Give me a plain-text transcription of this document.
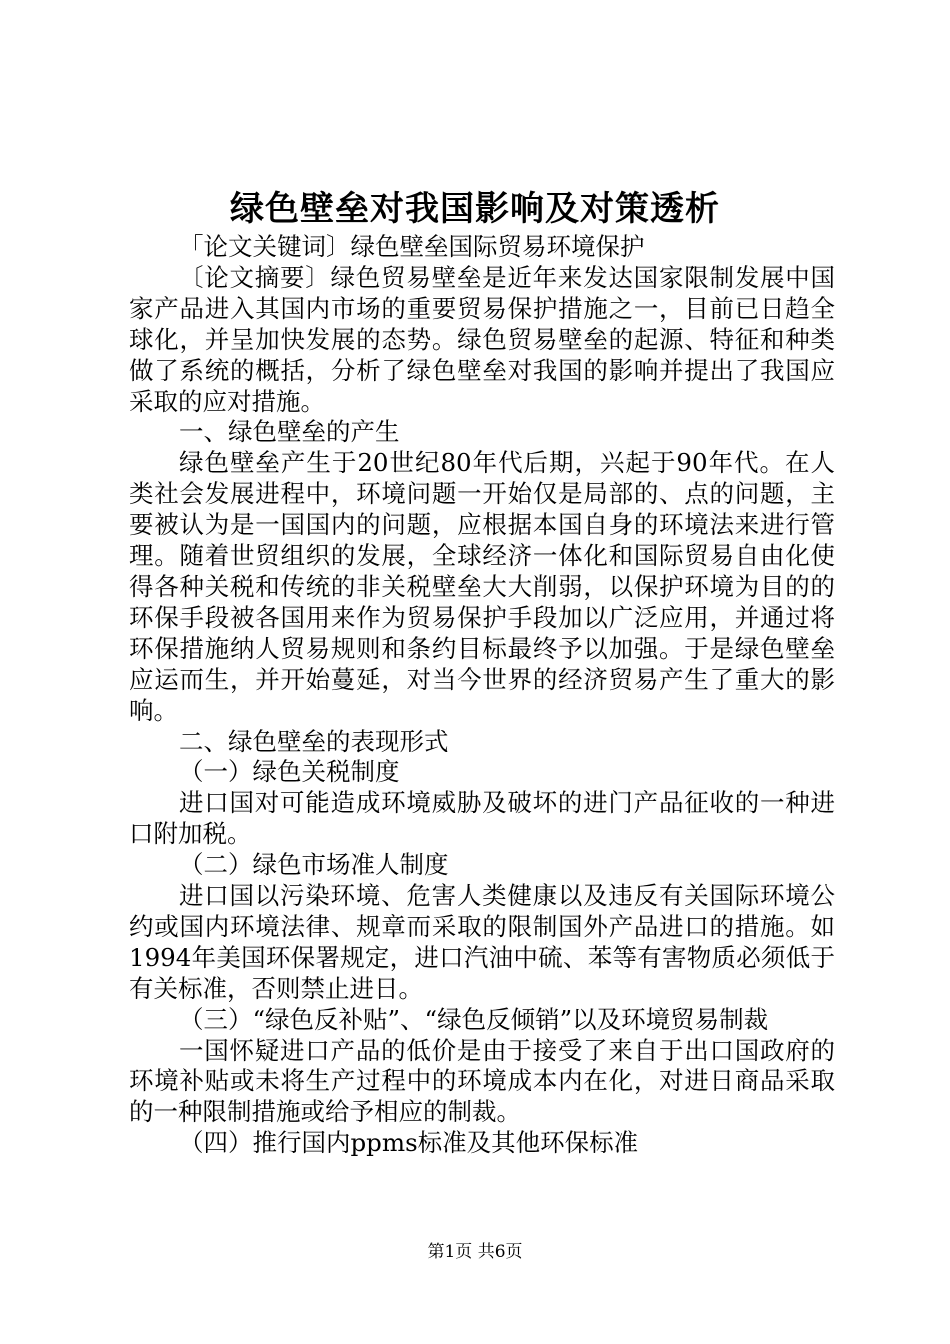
绿色壁垒对我国影响及对策透析

「论文关键词〕绿色壁垒国际贸易环境保护

〔论文摘要〕绿色贸易壁垒是近年来发达国家限制发展中国家产品进入其国内市场的重要贸易保护措施之一，目前已日趋全球化，并呈加快发展的态势。绿色贸易壁垒的起源、特征和种类做了系统的概括，分析了绿色壁垒对我国的影响并提出了我国应采取的应对措施。

一、绿色壁垒的产生

绿色壁垒产生于20世纪80年代后期，兴起于90年代。在人类社会发展进程中，环境问题一开始仅是局部的、点的问题，主要被认为是一国国内的问题，应根据本国自身的环境法来进行管理。随着世贸组织的发展，全球经济一体化和国际贸易自由化使得各种关税和传统的非关税壁垒大大削弱，以保护环境为目的的环保手段被各国用来作为贸易保护手段加以广泛应用，并通过将环保措施纳人贸易规则和条约目标最终予以加强。于是绿色壁垒应运而生，并开始蔓延，对当今世界的经济贸易产生了重大的影响。

二、绿色壁垒的表现形式

（一）绿色关税制度

进口国对可能造成环境威胁及破坏的进门产品征收的一种进口附加税。

（二）绿色市场准人制度

进口国以污染环境、危害人类健康以及违反有关国际环境公约或国内环境法律、规章而采取的限制国外产品进口的措施。如1994年美国环保署规定，进口汽油中硫、苯等有害物质必须低于有关标准，否则禁止进日。

（三）“绿色反补贴”、“绿色反倾销”以及环境贸易制裁

一国怀疑进口产品的低价是由于接受了来自于出口国政府的环境补贴或未将生产过程中的环境成本内在化，对进日商品采取的一种限制措施或给予相应的制裁。

（四）推行国内ppms标准及其他环保标准

第1页 共6页
